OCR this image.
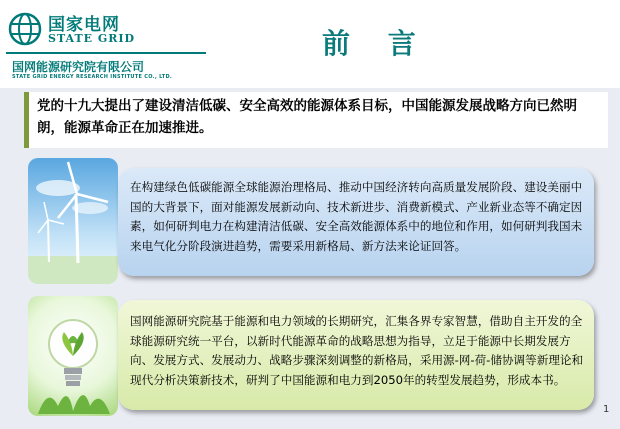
国家电网
STATE GRID
国网能源研究院有限公司
STATE GRID ENERGY RESEARCH INSTITUTE CO., LTD.
前 言

党的十九大提出了建设清洁低碳、安全高效的能源体系目标，中国能源发展战略方向已然明朗，能源革命正在加速推进。

在构建绿色低碳能源全球能源治理格局、推动中国经济转向高质量发展阶段、建设美丽中国的大背景下，面对能源发展新动向、技术新进步、消费新模式、产业新业态等不确定因素，如何研判电力在构建清洁低碳、安全高效能源体系中的地位和作用，如何研判我国未来电气化分阶段演进趋势，需要采用新格局、新方法来论证回答。

国网能源研究院基于能源和电力领域的长期研究，汇集各界专家智慧，借助自主开发的全球能源研究统一平台，以新时代能源革命的战略思想为指导，立足于能源中长期发展方向、发展方式、发展动力、战略步骤深刻调整的新格局，采用源-网-荷-储协调等新理论和现代分析决策新技术，研判了中国能源和电力到2050年的转型发展趋势，形成本书。

1
